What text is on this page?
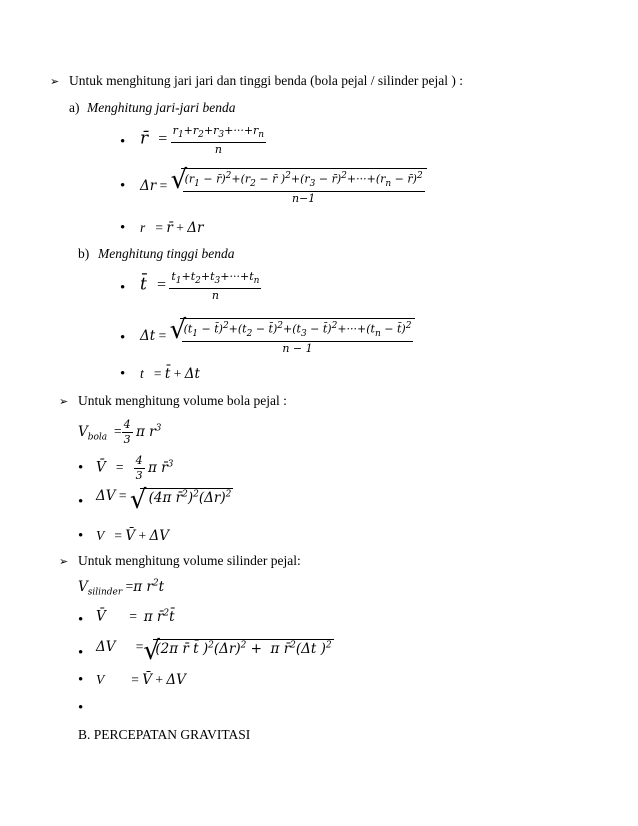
➢ Untuk menghitung jari jari dan tinggi benda (bola pejal / silinder pejal ) :
a) Menghitung jari-jari benda
• r̄ = $\frac{r_1+r_2+r_3+\cdot\cdot\cdot+r_n}{n}$
• Δr = √
$\frac{(r_1 - r̄)^2+(r_2 - r̄ )^2+(r_3 - r̄)^2+\cdot\cdot\cdot+(r_n - r̄)^2}{n-1}$
• r   = r̄ + Δr
b) Menghitung tinggi benda
• t̄ = $\frac{t_1+t_2+t_3+\cdot\cdot\cdot+t_n}{n}$
• Δt = √
$\frac{(t_1 - t̄)^2+(t_2 - t̄)^2+(t_3 - t̄)^2+\cdot\cdot\cdot+(t_n - t̄)^2}{n - 1}$
• t   = t̄ + Δt
➢ Untuk menghitung volume bola pejal :
$V_{bola} = \frac{4}{3}$ π $r^3$
• V̄   = $\frac{4}{3}$ π r̄$^3$
• ΔV = √ (4π $r̄^2)^2(\Delta r)^2$
• V   = V̄ + ΔV
➢ Untuk menghitung volume silinder pejal:
$V_{silinder} =\pi$ $r^2t$
• V̄       =  π r̄$^2$t̄
• ΔV      = √
(2π r̄ t̄ )$^2(\Delta r)^2 + \pi$ r̄$^2$(Δt )$^2$
• V        = V̄ + ΔV
•
B. PERCEPATAN GRAVITASI
